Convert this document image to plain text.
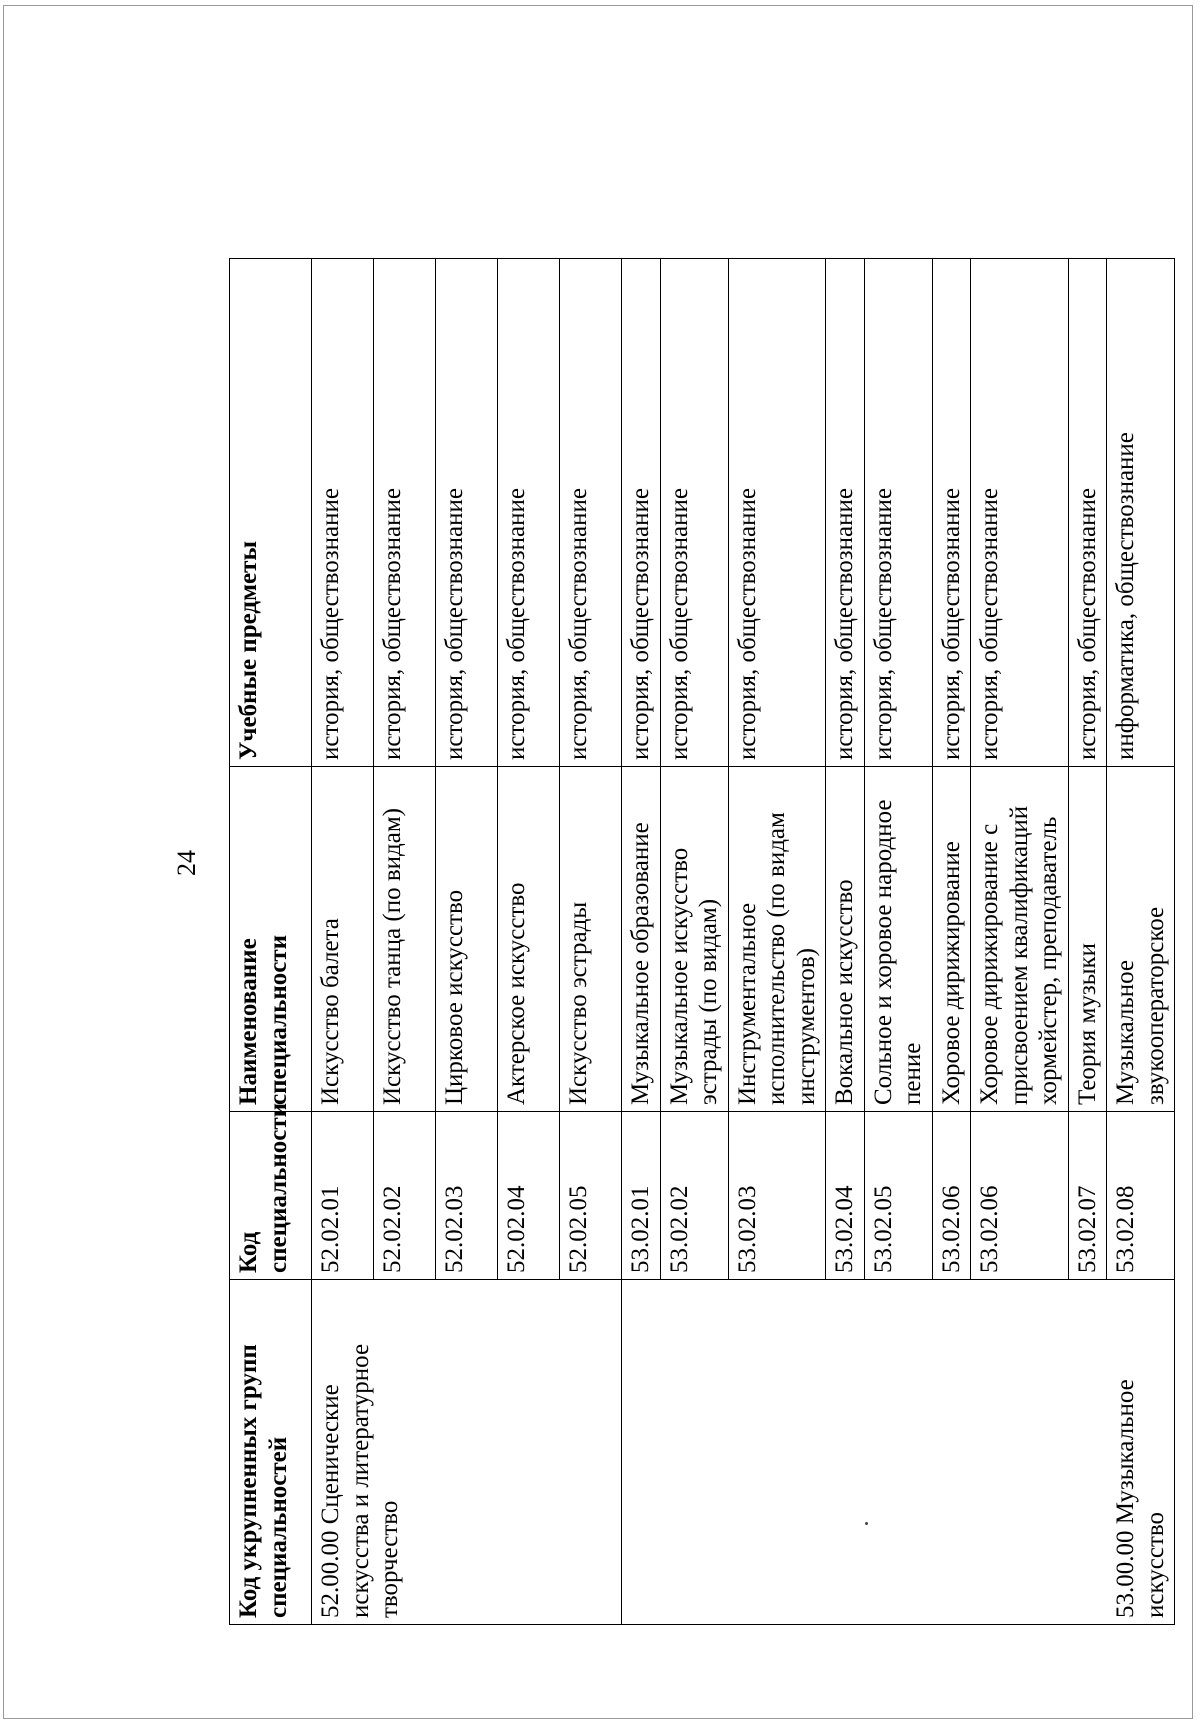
24
Код укрупненных групп специальностей	Код специальности	Наименование специальности	Учебные предметы
52.00.00 Сценические искусства и литературное творчество	52.02.01	Искусство балета	история, обществознание
	52.02.02	Искусство танца (по видам)	история, обществознание
	52.02.03	Цирковое искусство	история, обществознание
	52.02.04	Актерское искусство	история, обществознание
	52.02.05	Искусство эстрады	история, обществознание
53.00.00 Музыкальное искусство	53.02.01	Музыкальное образование	история, обществознание
	53.02.02	Музыкальное искусство эстрады (по видам)	история, обществознание
	53.02.03	Инструментальное исполнительство (по видам инструментов)	история, обществознание
	53.02.04	Вокальное искусство	история, обществознание
	53.02.05	Сольное и хоровое народное пение	история, обществознание
	53.02.06	Хоровое дирижирование	история, обществознание
	53.02.06	Хоровое дирижирование с присвоением квалификаций хормейстер, преподаватель	история, обществознание
	53.02.07	Теория музыки	история, обществознание
	53.02.08	Музыкальное звукооператорское	информатика, обществознание
